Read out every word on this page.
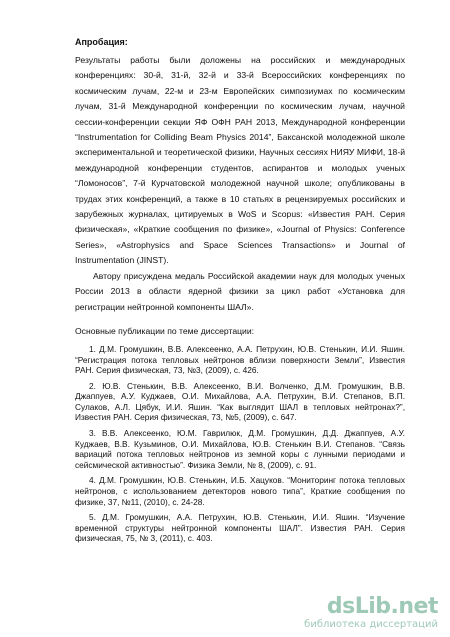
Апробация:

Результаты работы были доложены на российских и международных конференциях: 30-й, 31-й, 32-й и 33-й Всероссийских конференциях по космическим лучам, 22-м и 23-м Европейских симпозиумах по космическим лучам, 31-й Международной конференции по космическим лучам, научной сессии-конференции секции ЯФ ОФН РАН 2013, Международной конференции “Instrumentation for Colliding Beam Physics 2014”, Баксанской молодежной школе экспериментальной и теоретической физики, Научных сессиях НИЯУ МИФИ, 18-й международной конференции студентов, аспирантов и молодых ученых “Ломоносов”, 7-й Курчатовской молодежной научной школе; опубликованы в трудах этих конференций, а также в 10 статьях в рецензируемых российских и зарубежных журналах, цитируемых в WoS и Scopus: «Известия РАН. Серия физическая», «Краткие сообщения по физике», «Journal of Physics: Conference Series», «Astrophysics and Space Sciences Transactions» и Journal of Instrumentation (JINST).

Автору присуждена медаль Российской академии наук для молодых ученых России 2013 в области ядерной физики за цикл работ «Установка для регистрации нейтронной компоненты ШАЛ».

Основные публикации по теме диссертации:

1. Д.М. Громушкин, В.В. Алексеенко, А.А. Петрухин, Ю.В. Стенькин, И.И. Яшин. “Регистрация потока тепловых нейтронов вблизи поверхности Земли”, Известия РАН. Серия физическая, 73, №3, (2009), с. 426.
2. Ю.В. Стенькин, В.В. Алексеенко, В.И. Волченко, Д.М. Громушкин, В.В. Джаппуев, А.У. Куджаев, О.И. Михайлова, А.А. Петрухин, В.И. Степанов, В.П. Сулаков, А.Л. Цябук, И.И. Яшин. “Как выглядит ШАЛ в тепловых нейтронах?”, Известия РАН. Серия физическая, 73, №5, (2009), с. 647.
3. В.В. Алексеенко, Ю.М. Гаврилюк, Д.М. Громушкин, Д.Д. Джаппуев, А.У. Куджаев, В.В. Кузьминов, О.И. Михайлова, Ю.В. Стенькин В.И. Степанов. “Связь вариаций потока тепловых нейтронов из земной коры с лунными периодами и сейсмической активностью”. Физика Земли, № 8, (2009), с. 91.
4. Д.М. Громушкин, Ю.В. Стенькин, И.Б. Хацуков. “Мониторинг потока тепловых нейтронов, с использованием детекторов нового типа”, Краткие сообщения по физике, 37, №11, (2010), с. 24-28.
5. Д.М. Громушкин, А.А. Петрухин, Ю.В. Стенькин, И.И. Яшин. “Изучение временной структуры нейтронной компоненты ШАЛ”. Известия РАН. Серия физическая, 75, № 3, (2011), с. 403.
dsLib.net
библиотека диссертаций
